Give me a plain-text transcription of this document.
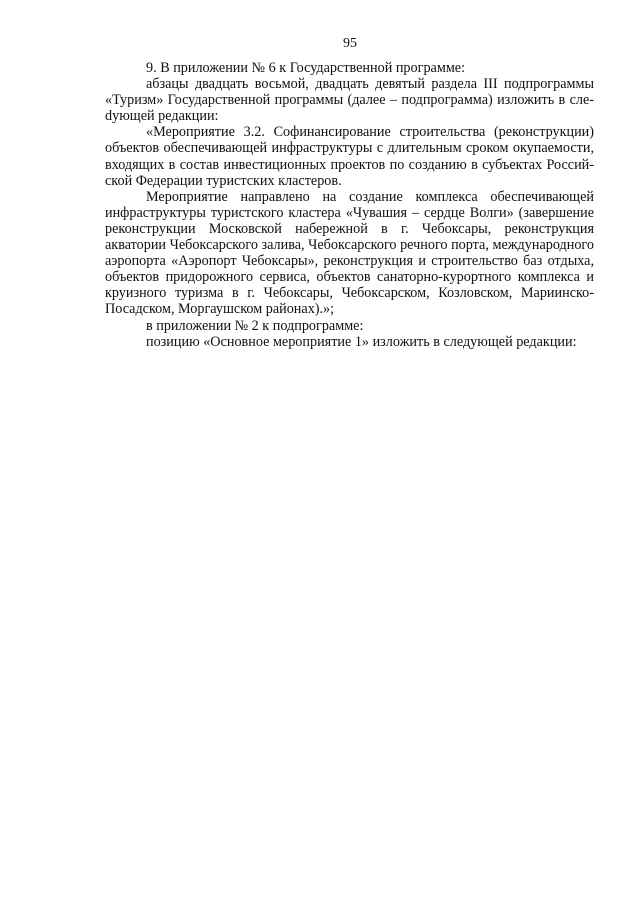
95

9. В приложении № 6 к Государственной программе:

абзацы двадцать восьмой, двадцать девятый раздела III подпрограммы «Туризм» Государственной программы (далее – подпрограмма) изложить в слеdующей редакции:

«Мероприятие 3.2. Софинансирование строительства (реконструкции) объектов обеспечивающей инфраструктуры с длительным сроком окупаемости, входящих в состав инвестиционных проектов по созданию в субъектах Российской Федерации туристских кластеров.

Мероприятие направлено на создание комплекса обеспечивающей инфраструктуры туристского кластера «Чувашия – сердце Волги» (завершение реконструкции Московской набережной в г. Чебоксары, реконструкция акватории Чебоксарского залива, Чебоксарского речного порта, международного аэропорта «Аэропорт Чебоксары», реконструкция и строительство баз отдыха, объектов придорожного сервиса, объектов санаторно-курортного комплекса и круизного туризма в г. Чебоксары, Чебоксарском, Козловском, Мариинско-Посадском, Моргаушском районах).»;

в приложении № 2 к подпрограмме:

позицию «Основное мероприятие 1» изложить в следующей редакции:
